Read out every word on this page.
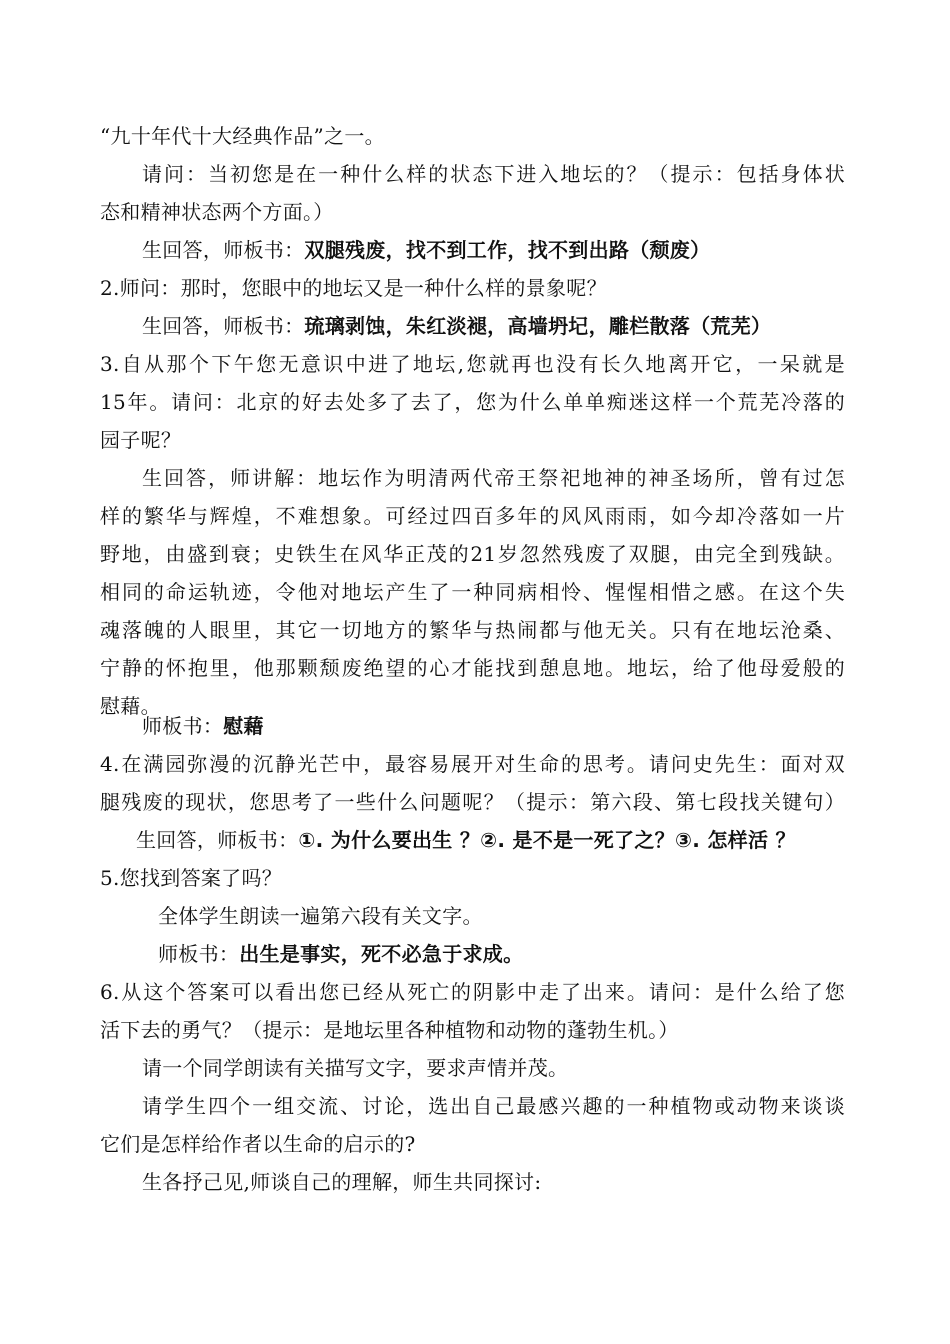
“九十年代十大经典作品”之一。
请问：当初您是在一种什么样的状态下进入地坛的？（提示：包括身体状
态和精神状态两个方面。）
生回答，师板书：双腿残废，找不到工作，找不到出路（颓废）
2.师问：那时，您眼中的地坛又是一种什么样的景象呢？
生回答，师板书：琉璃剥蚀，朱红淡褪，高墙坍圮，雕栏散落（荒芜）
3.自从那个下午您无意识中进了地坛,您就再也没有长久地离开它，一呆就是
15年。请问：北京的好去处多了去了，您为什么单单痴迷这样一个荒芜冷落的
园子呢？
生回答，师讲解：地坛作为明清两代帝王祭祀地神的神圣场所，曾有过怎
样的繁华与辉煌，不难想象。可经过四百多年的风风雨雨，如今却冷落如一片
野地，由盛到衰；史铁生在风华正茂的21岁忽然残废了双腿，由完全到残缺。
相同的命运轨迹，令他对地坛产生了一种同病相怜、惺惺相惜之感。在这个失
魂落魄的人眼里，其它一切地方的繁华与热闹都与他无关。只有在地坛沧桑、
宁静的怀抱里，他那颗颓废绝望的心才能找到憩息地。地坛，给了他母爱般的
慰藉。
师板书：慰藉
4.在满园弥漫的沉静光芒中，最容易展开对生命的思考。请问史先生：面对双
腿残废的现状，您思考了一些什么问题呢？（提示：第六段、第七段找关键句）
生回答，师板书：①. 为什么要出生 ？②. 是不是一死了之？③. 怎样活 ？
5.您找到答案了吗？
全体学生朗读一遍第六段有关文字。
师板书：出生是事实，死不必急于求成。
6.从这个答案可以看出您已经从死亡的阴影中走了出来。请问：是什么给了您
活下去的勇气？（提示：是地坛里各种植物和动物的蓬勃生机。）
请一个同学朗读有关描写文字，要求声情并茂。
请学生四个一组交流、讨论，选出自己最感兴趣的一种植物或动物来谈谈
它们是怎样给作者以生命的启示的?
生各抒己见,师谈自己的理解，师生共同探讨:
